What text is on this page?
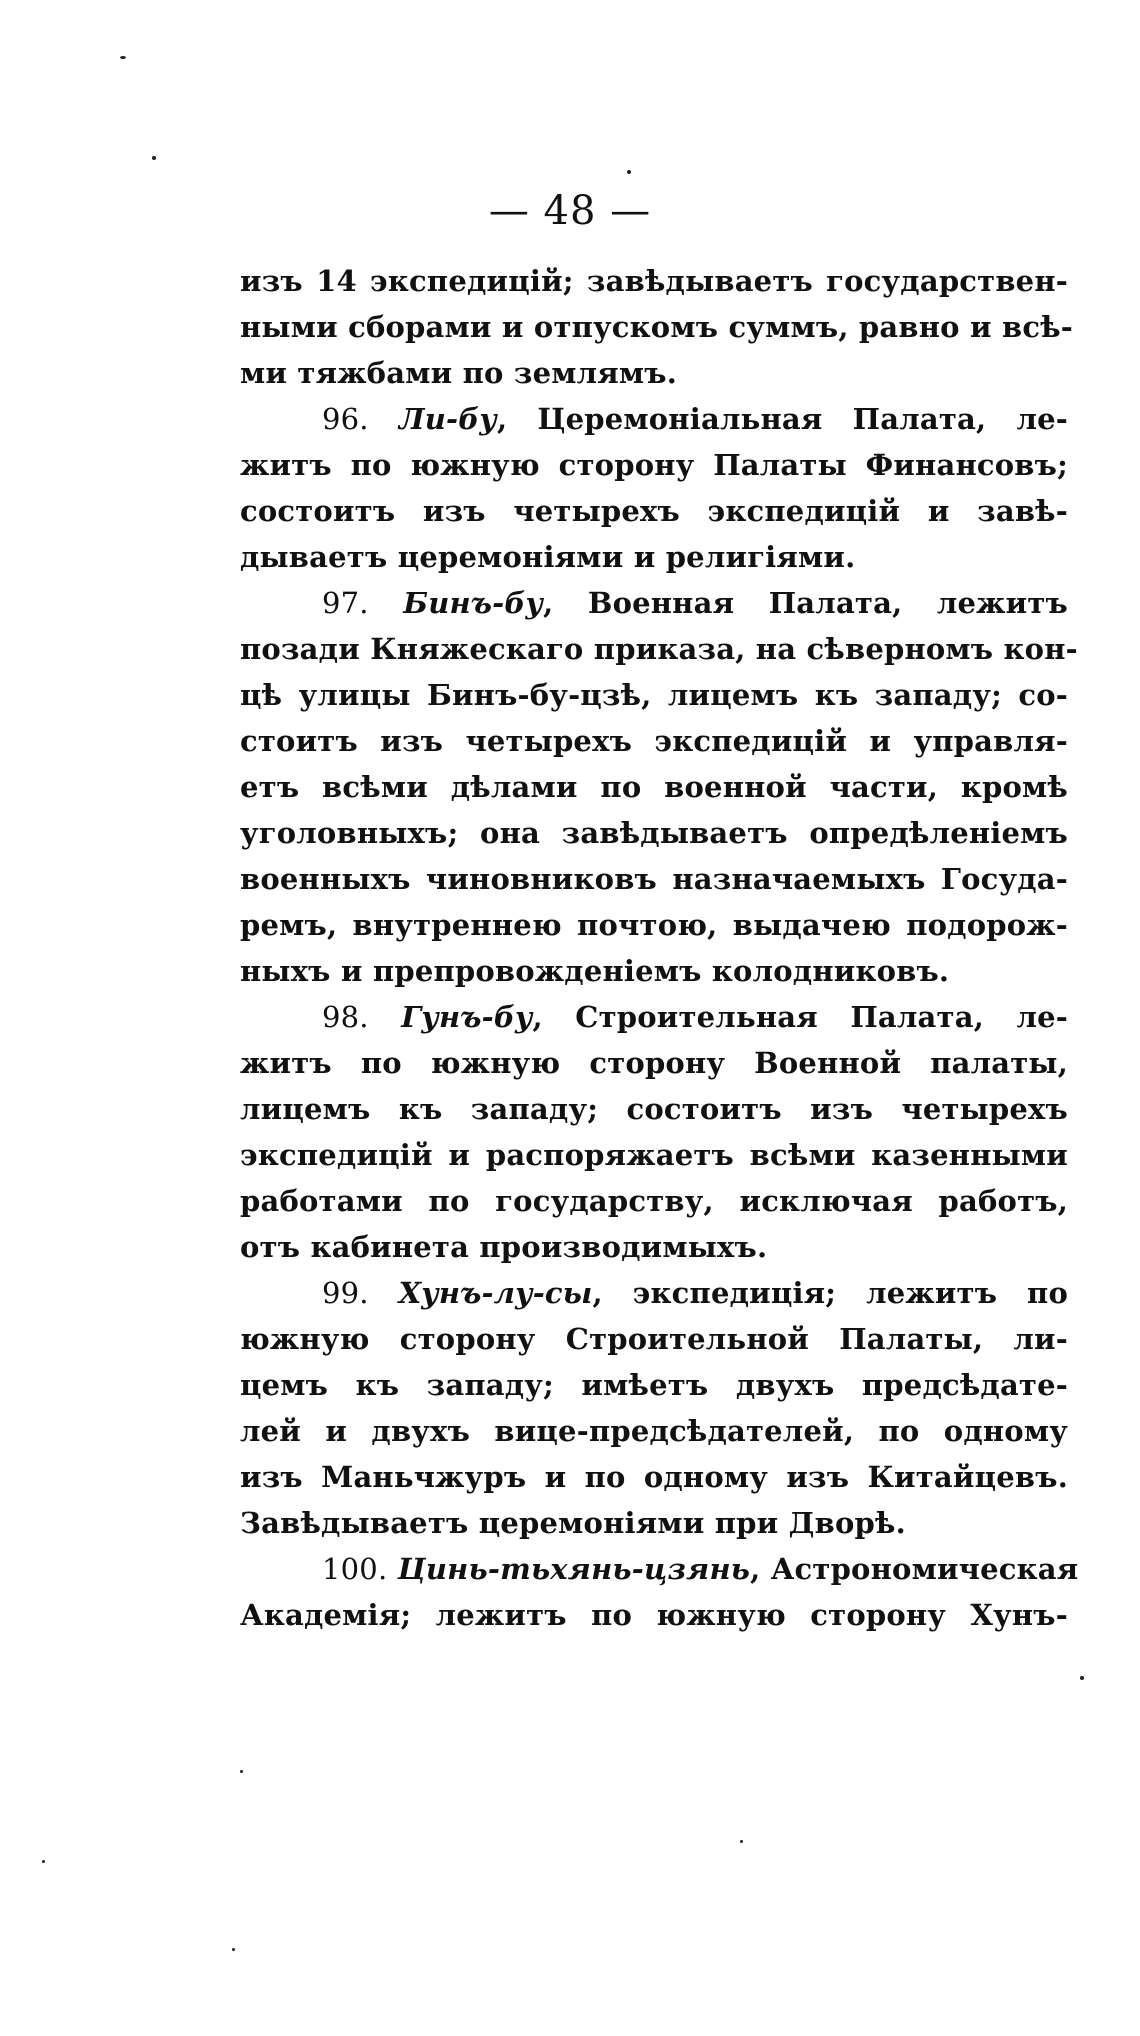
— 48 —
изъ 14 экспедицій; завѣдываетъ государствен-
ными сборами и отпускомъ суммъ, равно и всѣ-
ми тяжбами по землямъ.
96. Ли-бу, Церемоніальная Палата, ле-
житъ по южную сторону Палаты Финансовъ;
состоитъ изъ четырехъ экспедицій и завѣ-
дываетъ церемоніями и религіями.
97. Бинъ-бу, Военная Палата, лежитъ
позади Княжескаго приказа, на сѣверномъ кон-
цѣ улицы Бинъ-бу-цзѣ, лицемъ къ западу; со-
стоитъ изъ четырехъ экспедицій и управля-
етъ всѣми дѣлами по военной части, кромѣ
уголовныхъ; она завѣдываетъ опредѣленіемъ
военныхъ чиновниковъ назначаемыхъ Госуда-
ремъ, внутреннею почтою, выдачею подорож-
ныхъ и препровожденіемъ колодниковъ.
98. Гунъ-бу, Строительная Палата, ле-
житъ по южную сторону Военной палаты,
лицемъ къ западу; состоитъ изъ четырехъ
экспедицій и распоряжаетъ всѣми казенными
работами по государству, исключая работъ,
отъ кабинета производимыхъ.
99. Хунъ-лу-сы, экспедиція; лежитъ по
южную сторону Строительной Палаты, ли-
цемъ къ западу; имѣетъ двухъ предсѣдате-
лей и двухъ вице-предсѣдателей, по одному
изъ Маньчжуръ и по одному изъ Китайцевъ.
Завѣдываетъ церемоніями при Дворѣ.
100. Цинь-тьхянь-цзянь, Астрономическая
Академія; лежитъ по южную сторону Хунъ-
